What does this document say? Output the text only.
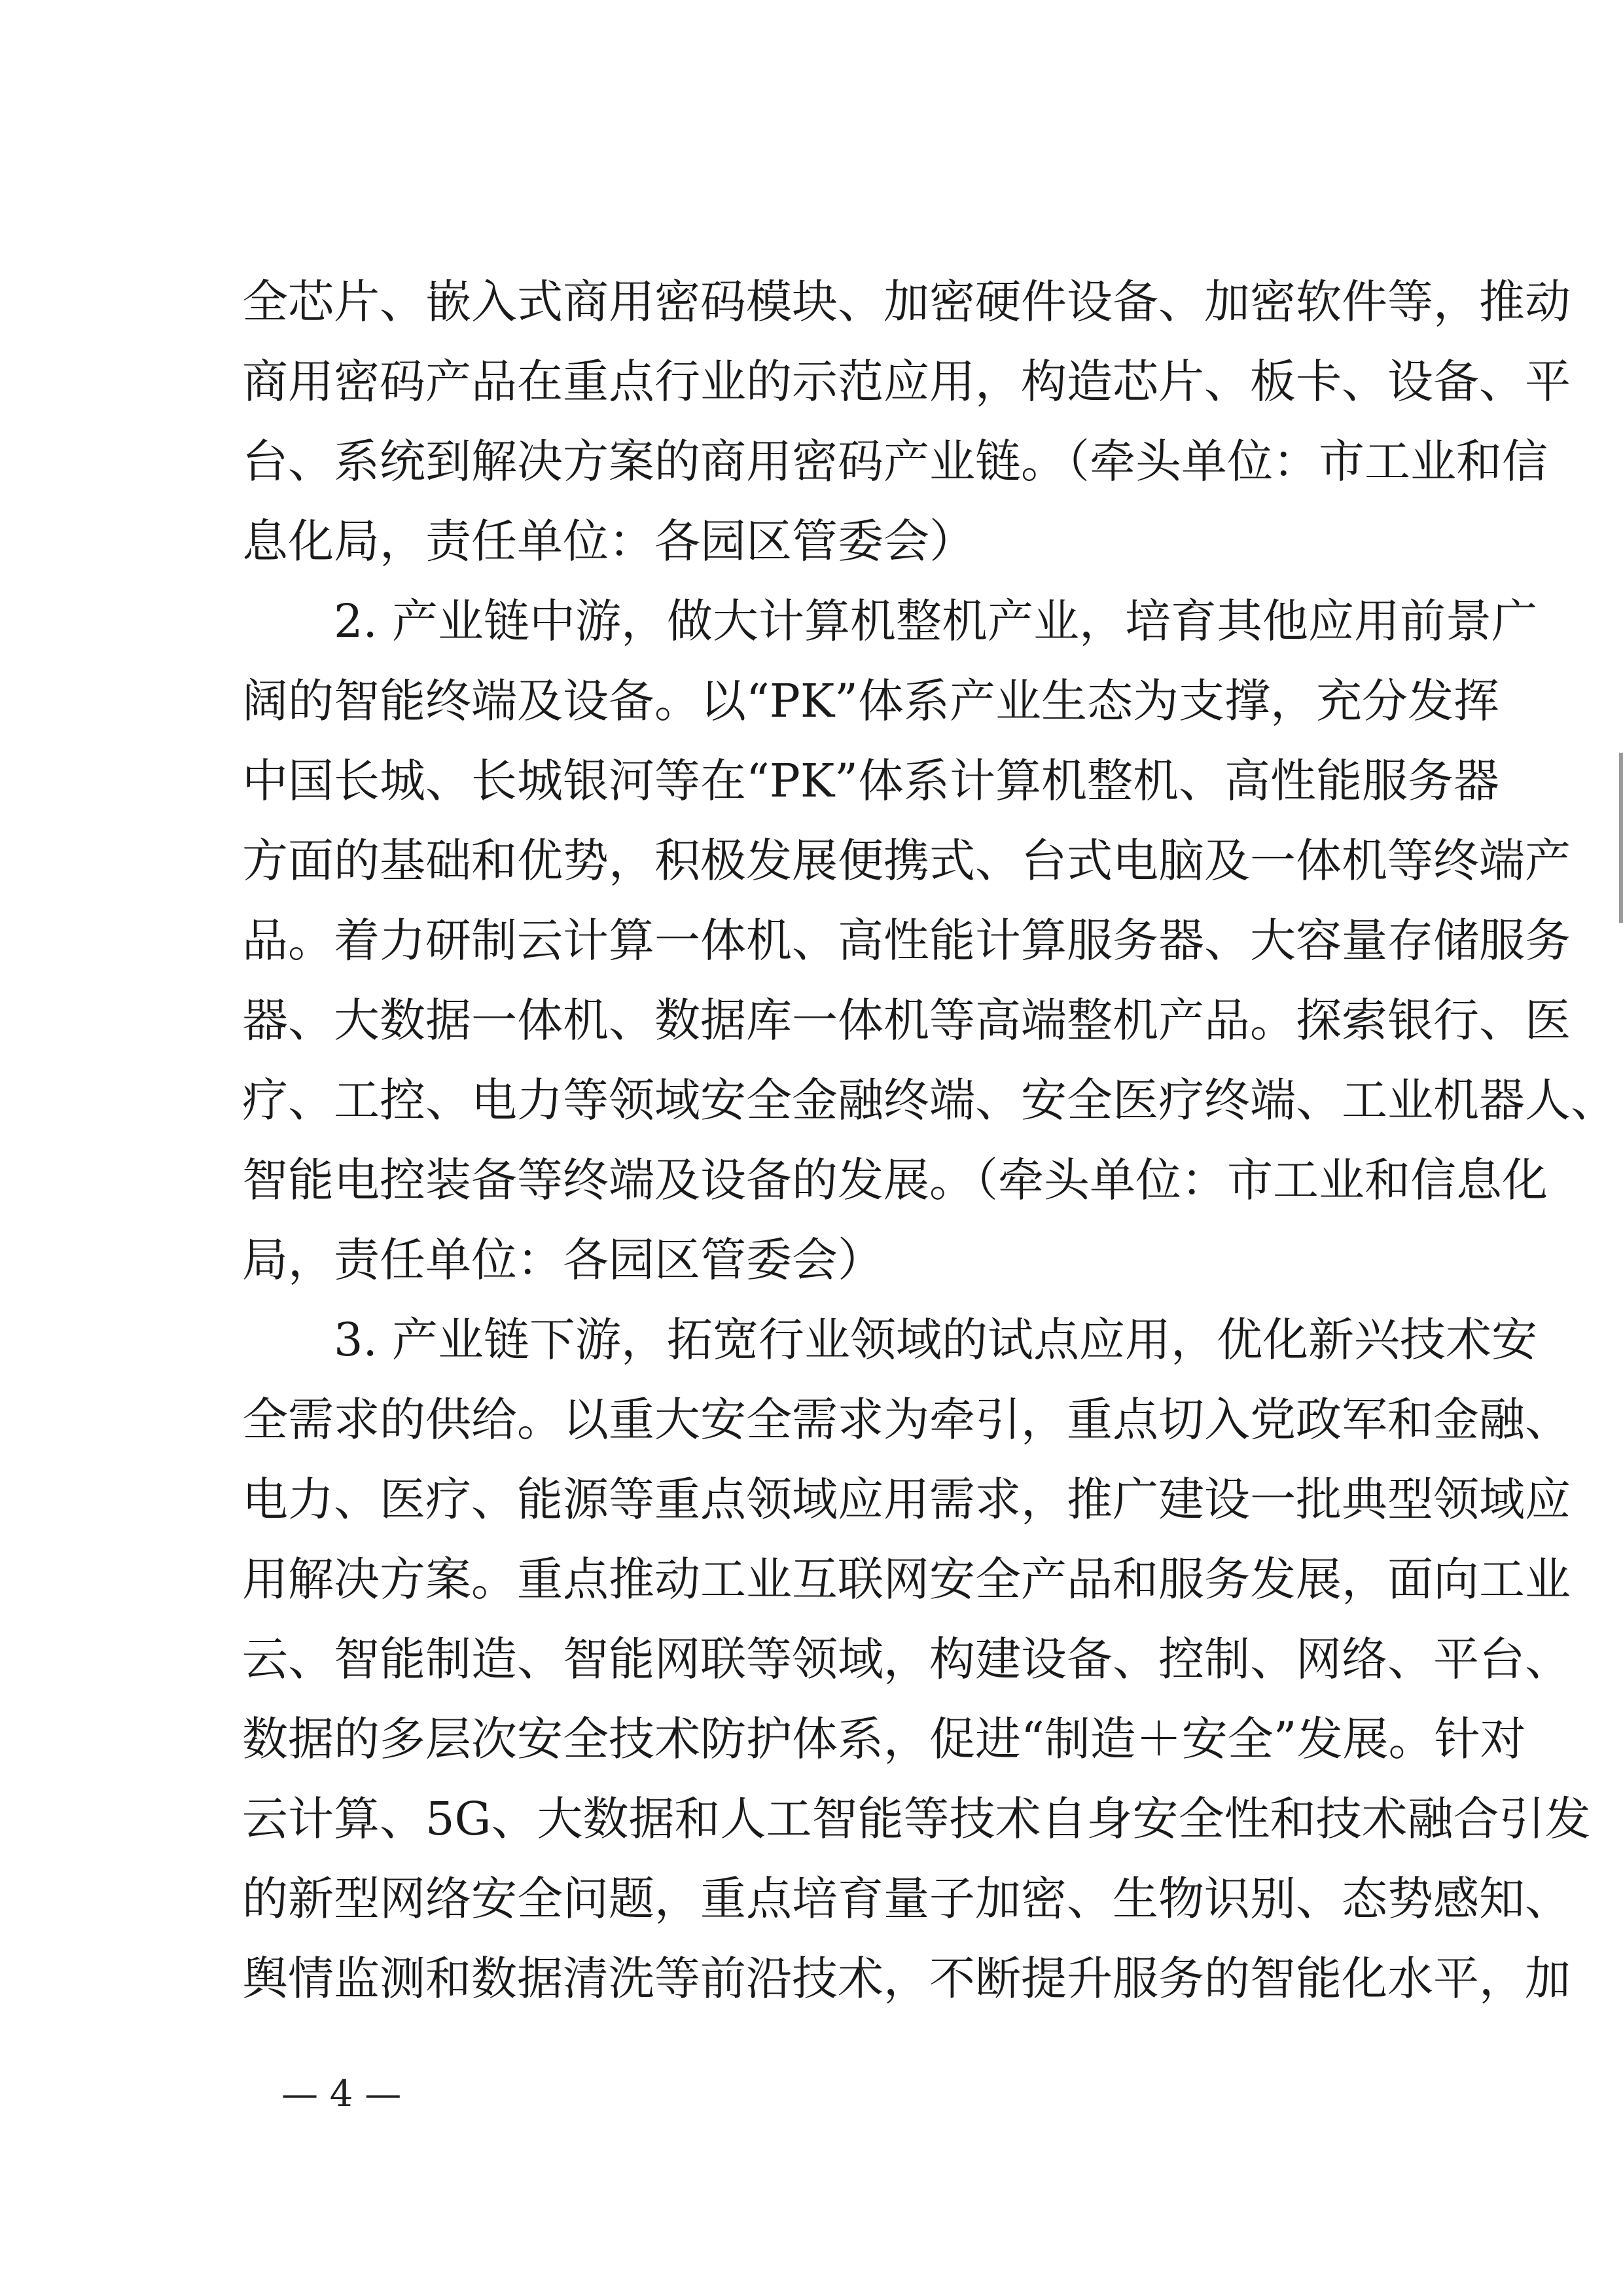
全芯片、嵌入式商用密码模块、加密硬件设备、加密软件等，推动
商用密码产品在重点行业的示范应用，构造芯片、板卡、设备、平
台、系统到解决方案的商用密码产业链。（牵头单位：市工业和信
息化局，责任单位：各园区管委会）
2. 产业链中游，做大计算机整机产业，培育其他应用前景广
阔的智能终端及设备。以“PK”体系产业生态为支撑，充分发挥
中国长城、长城银河等在“PK”体系计算机整机、高性能服务器
方面的基础和优势，积极发展便携式、台式电脑及一体机等终端产
品。着力研制云计算一体机、高性能计算服务器、大容量存储服务
器、大数据一体机、数据库一体机等高端整机产品。探索银行、医
疗、工控、电力等领域安全金融终端、安全医疗终端、工业机器人、
智能电控装备等终端及设备的发展。（牵头单位：市工业和信息化
局，责任单位：各园区管委会）
3. 产业链下游，拓宽行业领域的试点应用，优化新兴技术安
全需求的供给。以重大安全需求为牵引，重点切入党政军和金融、
电力、医疗、能源等重点领域应用需求，推广建设一批典型领域应
用解决方案。重点推动工业互联网安全产品和服务发展，面向工业
云、智能制造、智能网联等领域，构建设备、控制、网络、平台、
数据的多层次安全技术防护体系，促进“制造＋安全”发展。针对
云计算、5G、大数据和人工智能等技术自身安全性和技术融合引发
的新型网络安全问题，重点培育量子加密、生物识别、态势感知、
舆情监测和数据清洗等前沿技术，不断提升服务的智能化水平，加
— 4 —
